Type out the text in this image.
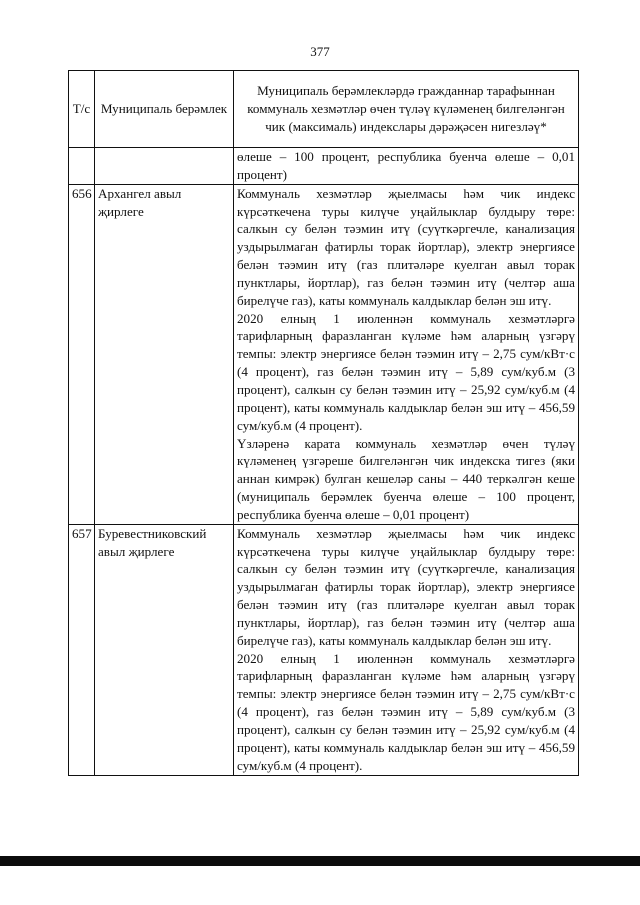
377
Т/с	Муниципаль берәмлек	Муниципаль берәмлекләрдә гражданнар тарафыннан коммуналь хезмәтләр өчен түләү күләменең билгеләнгән чик (максималь) индекслары дәрәҗәсен нигезләү*
		өлеше – 100 процент, республика буенча өлеше – 0,01 процент)
656	Архангел авыл җирлеге	Коммуналь хезмәтләр җыелмасы һәм чик индекс күрсәткечена туры килүче уңайлыклар булдыру төре: салкын су белән тәэмин итү (суүткәргечле, канализация уздырылмаган фатирлы торак йортлар), электр энергиясе белән тәэмин итү (газ плитәләре куелган авыл торак пунктлары, йортлар), газ белән тәэмин итү (челтәр аша бирелүче газ), каты коммуналь калдыклар белән эш итү.

2020 елның 1 июленнән коммуналь хезмәтләргә тарифларның фаразланган күләме һәм аларның үзгәрү темпы: электр энергиясе белән тәэмин итү – 2,75 сум/кВт·с (4 процент), газ белән тәэмин итү – 5,89 сум/куб.м (3 процент), салкын су белән тәэмин итү – 25,92 сум/куб.м (4 процент), каты коммуналь калдыклар белән эш итү – 456,59 сум/куб.м (4 процент).

Үзләренә карата коммуналь хезмәтләр өчен түләү күләменең үзгәреше билгеләнгән чик индекска тигез (яки аннан кимрәк) булган кешеләр саны – 440 теркәлгән кеше (муниципаль берәмлек буенча өлеше – 100 процент, республика буенча өлеше – 0,01 процент)

657	Буревестниковский авыл җирлеге	Коммуналь хезмәтләр җыелмасы һәм чик индекс күрсәткечена туры килүче уңайлыклар булдыру төре: салкын су белән тәэмин итү (суүткәргечле, канализация уздырылмаган фатирлы торак йортлар), электр энергиясе белән тәэмин итү (газ плитәләре куелган авыл торак пунктлары, йортлар), газ белән тәэмин итү (челтәр аша бирелүче газ), каты коммуналь калдыклар белән эш итү.

2020 елның 1 июленнән коммуналь хезмәтләргә тарифларның фаразланган күләме һәм аларның үзгәрү темпы: электр энергиясе белән тәэмин итү – 2,75 сум/кВт·с (4 процент), газ белән тәэмин итү – 5,89 сум/куб.м (3 процент), салкын су белән тәэмин итү – 25,92 сум/куб.м (4 процент), каты коммуналь калдыклар белән эш итү – 456,59 сум/куб.м (4 процент).
